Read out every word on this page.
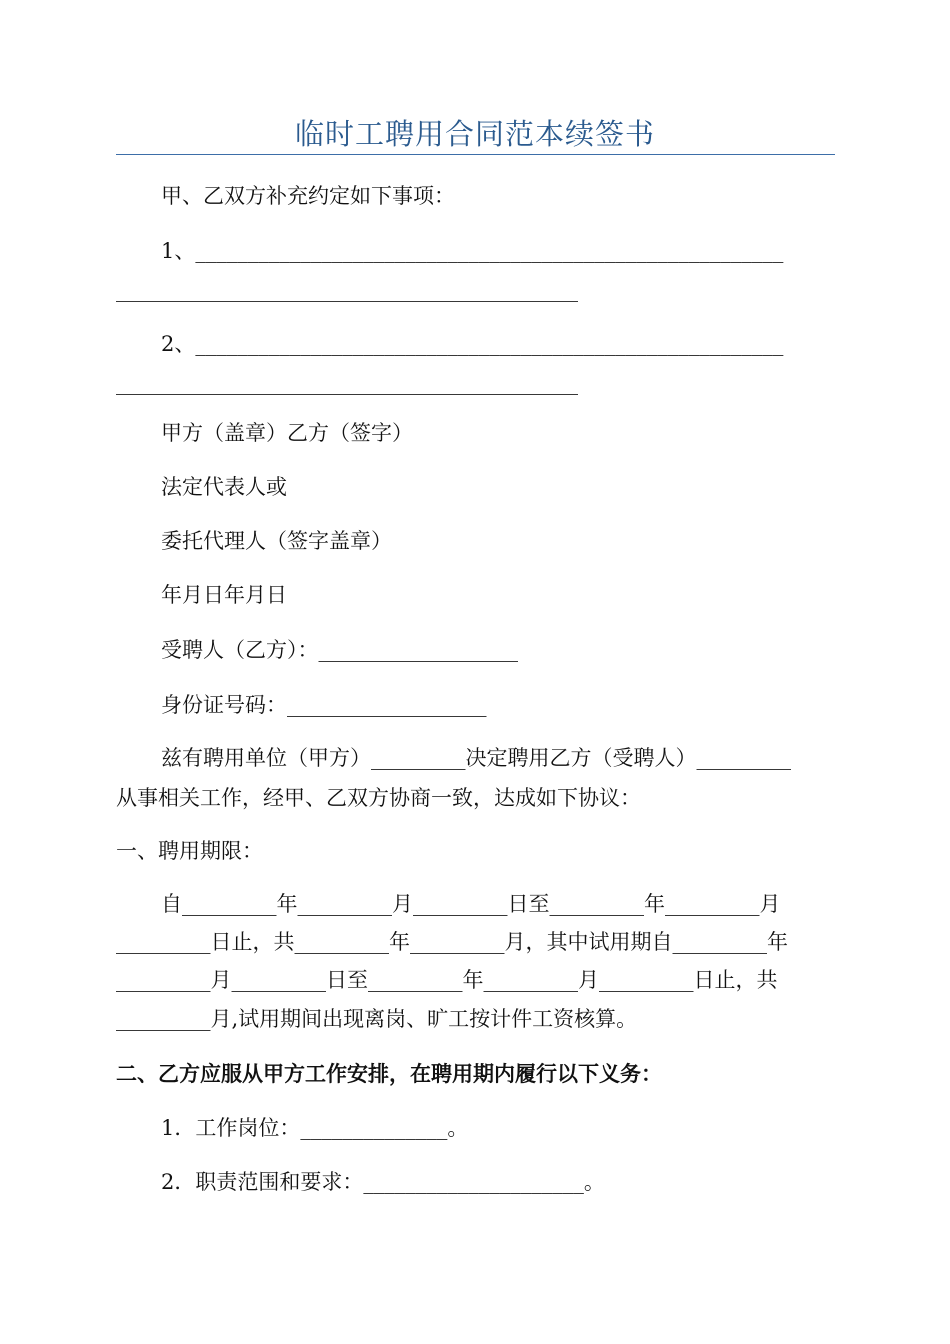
临时工聘用合同范本续签书
甲、乙双方补充约定如下事项：
1、________________________________________________________
____________________________________________
2、________________________________________________________
____________________________________________
甲方（盖章）乙方（签字）
法定代表人或
委托代理人（签字盖章）
年月日年月日
受聘人（乙方）：___________________
身份证号码：___________________
兹有聘用单位（甲方）_________决定聘用乙方（受聘人）_________
从事相关工作，经甲、乙双方协商一致，达成如下协议：
一、聘用期限：
自_________年_________月_________日至_________年_________月
_________日止，共_________年_________月，其中试用期自_________年
_________月_________日至_________年_________月_________日止，共
_________月,试用期间出现离岗、旷工按计件工资核算。
二、乙方应服从甲方工作安排，在聘用期内履行以下义务：
1．工作岗位：______________。
2．职责范围和要求：_____________________。
